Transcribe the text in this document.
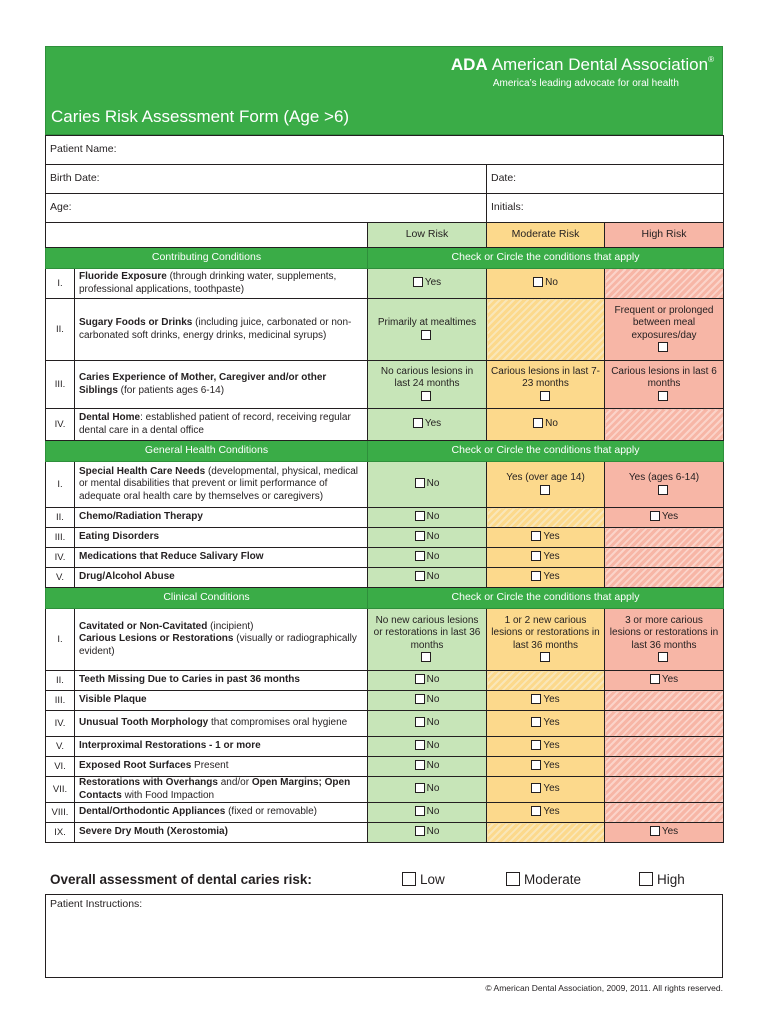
ADA American Dental Association®
America’s leading advocate for oral health
Caries Risk Assessment Form (Age >6)
Patient Name:				
Birth Date:			Date:	
Age:			Initials:	
		Low Risk	Moderate Risk	High Risk
Contributing Conditions		Check or Circle the conditions that apply		
I.	Fluoride Exposure (through drinking water, supplements, professional applications, toothpaste)	Yes	No	
II.	Sugary Foods or Drinks (including juice, carbonated or non-carbonated soft drinks, energy drinks, medicinal syrups)	Primarily at mealtimes		Frequent or prolonged between meal exposures/day

III.	Caries Experience of Mother, Caregiver and/or other Siblings (for patients ages 6-14)	No carious lesions in last 24 months	Carious lesions in last 7-23 months	Carious lesions in last 6 months

IV.	Dental Home: established patient of record, receiving regular dental care in a dental office	Yes	No	
General Health Conditions		Check or Circle the conditions that apply		
I.	Special Health Care Needs (developmental, physical, medical or mental disabilities that prevent or limit performance of adequate oral health care by themselves or caregivers)	No	Yes (over age 14)	Yes (ages 6-14)

II.	Chemo/Radiation Therapy	No		Yes
III.	Eating Disorders	No	Yes	
IV.	Medications that Reduce Salivary Flow	No	Yes	
V.	Drug/Alcohol Abuse	No	Yes	
Clinical Conditions		Check or Circle the conditions that apply		
I.	Cavitated or Non-Cavitated (incipient)
Carious Lesions or Restorations (visually or radiographically evident)	No new carious lesions or restorations in last 36 months	1 or 2 new carious lesions or restorations in last 36 months	3 or more carious lesions or restorations in last 36 months

II.	Teeth Missing Due to Caries in past 36 months	No		Yes
III.	Visible Plaque	No	Yes	
IV.	Unusual Tooth Morphology that compromises oral hygiene	No	Yes	
V.	Interproximal Restorations - 1 or more	No	Yes	
VI.	Exposed Root Surfaces Present	No	Yes	
VII.	Restorations with Overhangs and/or Open Margins; Open Contacts with Food Impaction	No	Yes	
VIII.	Dental/Orthodontic Appliances (fixed or removable)	No	Yes	
IX.	Severe Dry Mouth (Xerostomia)	No		Yes
Overall assessment of dental caries risk:	Low	Moderate	High
Patient Instructions:
© American Dental Association, 2009, 2011. All rights reserved.
